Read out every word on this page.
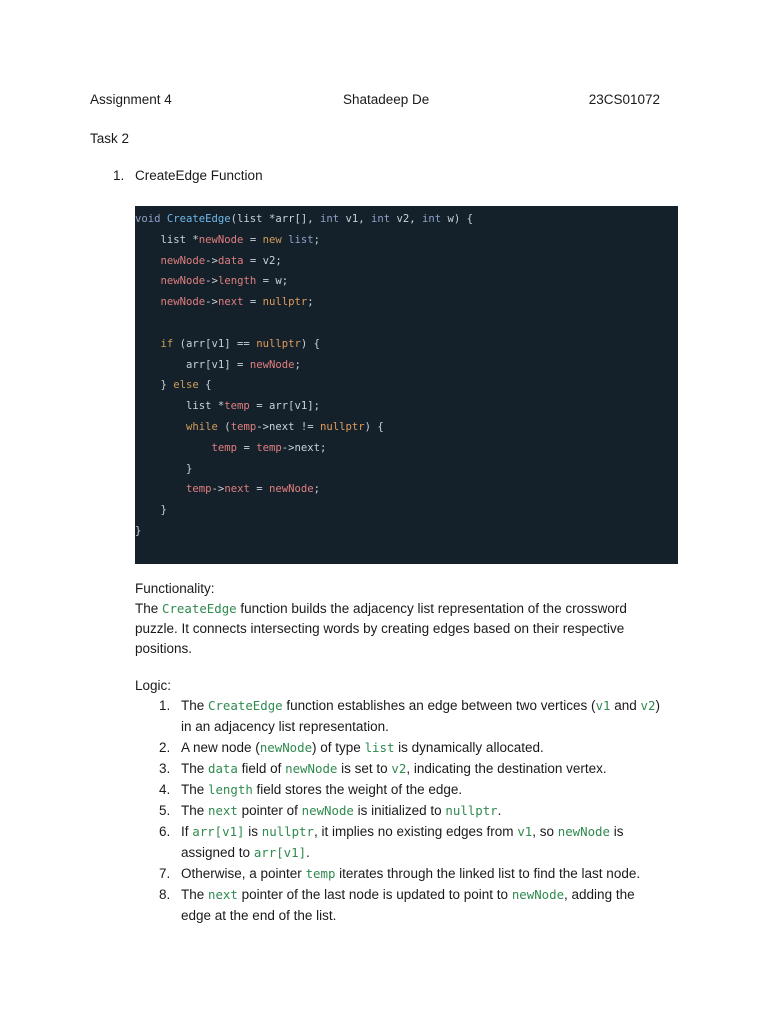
Assignment 4	Shatadeep De	23CS01072
Task 2
1. CreateEdge Function
void CreateEdge(list *arr[], int v1, int v2, int w) {
list *newNode = new list;
newNode->data = v2;
newNode->length = w;
newNode->next = nullptr;
if (arr[v1] == nullptr) {
arr[v1] = newNode;
} else {
list *temp = arr[v1];
while (temp->next != nullptr) {
temp = temp->next;
}
temp->next = newNode;
}
}
Functionality:
The CreateEdge function builds the adjacency list representation of the crossword puzzle. It connects intersecting words by creating edges based on their respective positions.
Logic:
1. The CreateEdge function establishes an edge between two vertices (v1 and v2) in an adjacency list representation.
2. A new node (newNode) of type list is dynamically allocated.
3. The data field of newNode is set to v2, indicating the destination vertex.
4. The length field stores the weight of the edge.
5. The next pointer of newNode is initialized to nullptr.
6. If arr[v1] is nullptr, it implies no existing edges from v1, so newNode is assigned to arr[v1].
7. Otherwise, a pointer temp iterates through the linked list to find the last node.
8. The next pointer of the last node is updated to point to newNode, adding the edge at the end of the list.
